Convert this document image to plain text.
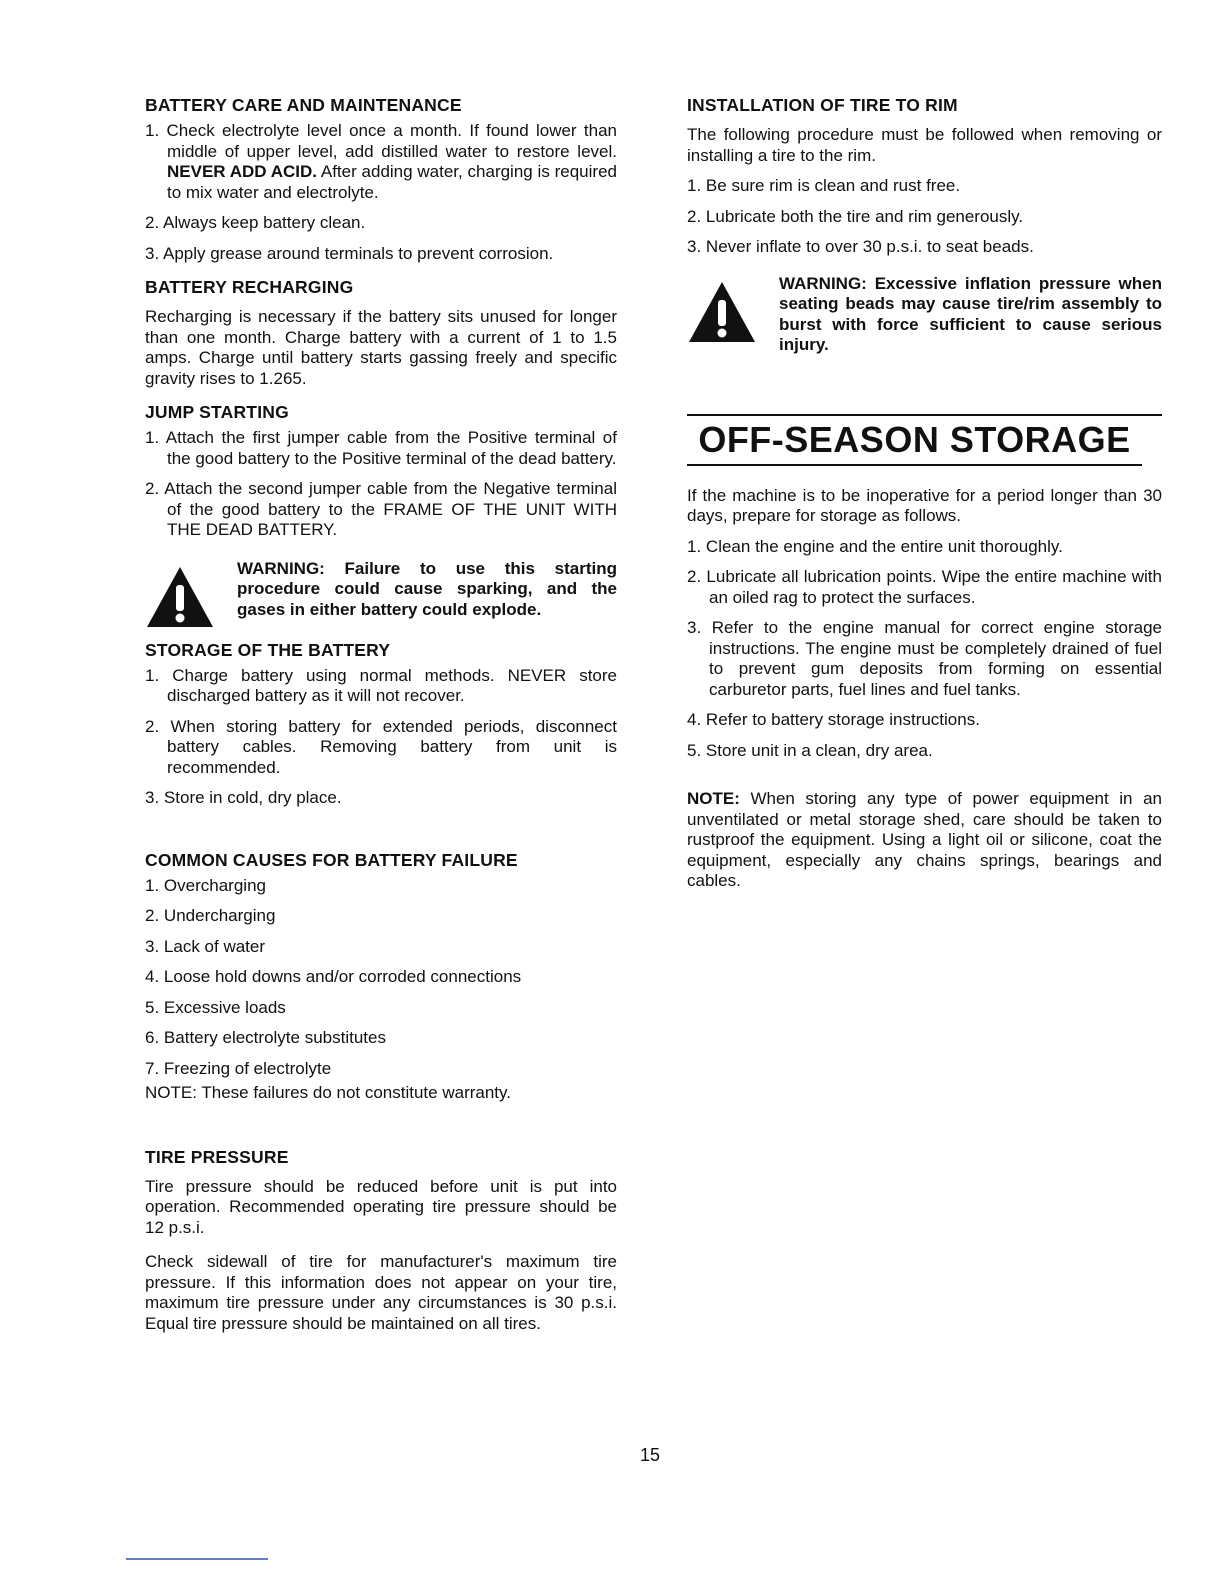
BATTERY CARE AND MAINTENANCE
1. Check electrolyte level once a month. If found lower than middle of upper level, add distilled water to restore level. NEVER ADD ACID. After adding water, charging is required to mix water and electrolyte.
2. Always keep battery clean.
3. Apply grease around terminals to prevent corrosion.
BATTERY RECHARGING

Recharging is necessary if the battery sits unused for longer than one month. Charge battery with a current of 1 to 1.5 amps. Charge until battery starts gassing freely and specific gravity rises to 1.265.

JUMP STARTING
1. Attach the first jumper cable from the Positive terminal of the good battery to the Positive terminal of the dead battery.
2. Attach the second jumper cable from the Negative terminal of the good battery to the FRAME OF THE UNIT WITH THE DEAD BATTERY.
WARNING: Failure to use this starting procedure could cause sparking, and the gases in either battery could explode.
STORAGE OF THE BATTERY
1. Charge battery using normal methods. NEVER store discharged battery as it will not recover.
2. When storing battery for extended periods, disconnect battery cables. Removing battery from unit is recommended.
3. Store in cold, dry place.
COMMON CAUSES FOR BATTERY FAILURE
1. Overcharging
2. Undercharging
3. Lack of water
4. Loose hold downs and/or corroded connections
5. Excessive loads
6. Battery electrolyte substitutes
7. Freezing of electrolyte

NOTE: These failures do not constitute warranty.

TIRE PRESSURE

Tire pressure should be reduced before unit is put into operation. Recommended operating tire pressure should be 12 p.s.i.

Check sidewall of tire for manufacturer's maximum tire pressure. If this information does not appear on your tire, maximum tire pressure under any circumstances is 30 p.s.i. Equal tire pressure should be maintained on all tires.

INSTALLATION OF TIRE TO RIM

The following procedure must be followed when removing or installing a tire to the rim.

1. Be sure rim is clean and rust free.
2. Lubricate both the tire and rim generously.
3. Never inflate to over 30 p.s.i. to seat beads.
WARNING: Excessive inflation pressure when seating beads may cause tire/rim assembly to burst with force sufficient to cause serious injury.
OFF-SEASON STORAGE

If the machine is to be inoperative for a period longer than 30 days, prepare for storage as follows.

1. Clean the engine and the entire unit thoroughly.
2. Lubricate all lubrication points. Wipe the entire machine with an oiled rag to protect the surfaces.
3. Refer to the engine manual for correct engine storage instructions. The engine must be completely drained of fuel to prevent gum deposits from forming on essential carburetor parts, fuel lines and fuel tanks.
4. Refer to battery storage instructions.
5. Store unit in a clean, dry area.

NOTE: When storing any type of power equipment in an unventilated or metal storage shed, care should be taken to rustproof the equipment. Using a light oil or silicone, coat the equipment, especially any chains springs, bearings and cables.

15
